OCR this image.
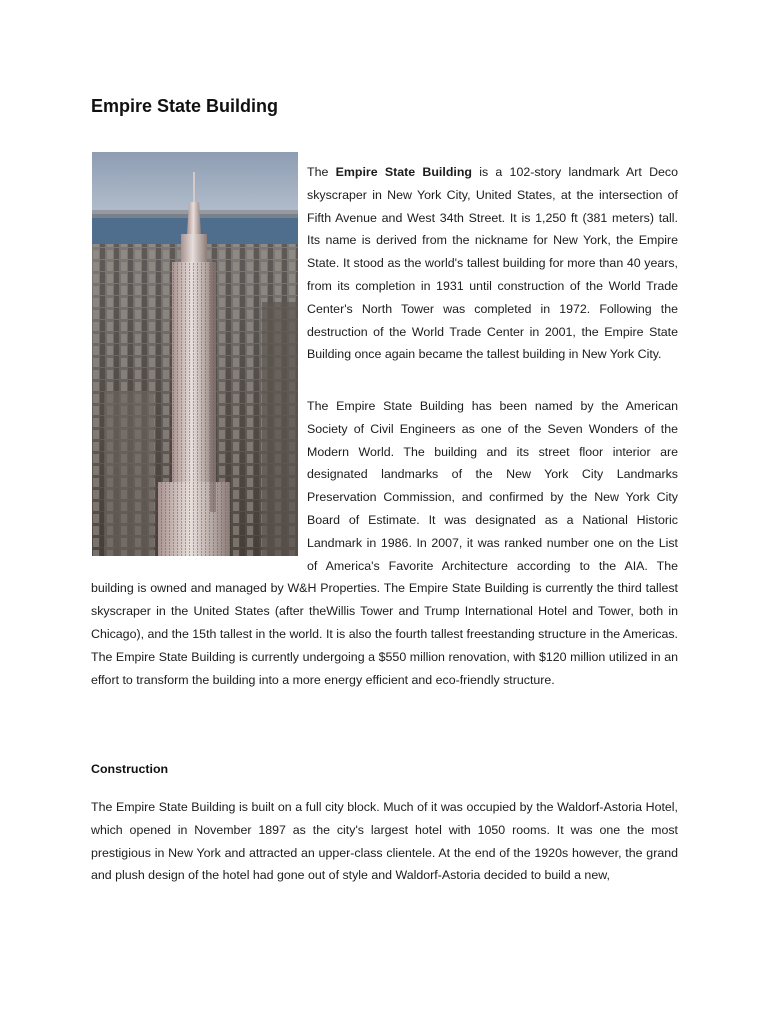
Empire State Building

The Empire State Building is a 102-story landmark Art Deco skyscraper in New York City, United States, at the intersection of Fifth Avenue and West 34th Street. It is 1,250 ft (381 meters) tall. Its name is derived from the nickname for New York, the Empire State. It stood as the world's tallest building for more than 40 years, from its completion in 1931 until construction of the World Trade Center's North Tower was completed in 1972. Following the destruction of the World Trade Center in 2001, the Empire State Building once again became the tallest building in New York City.

The Empire State Building has been named by the American Society of Civil Engineers as one of the Seven Wonders of the Modern World. The building and its street floor interior are designated landmarks of the New York City Landmarks Preservation Commission, and confirmed by the New York City Board of Estimate. It was designated as a National Historic Landmark in 1986. In 2007, it was ranked number one on the List of America's Favorite Architecture according to the AIA. The building is owned and managed by W&H Properties. The Empire State Building is currently the third tallest skyscraper in the United States (after theWillis Tower and Trump International Hotel and Tower, both in Chicago), and the 15th tallest in the world. It is also the fourth tallest freestanding structure in the Americas. The Empire State Building is currently undergoing a $550 million renovation, with $120 million utilized in an effort to transform the building into a more energy efficient and eco-friendly structure.

Construction

The Empire State Building is built on a full city block. Much of it was occupied by the Waldorf-Astoria Hotel, which opened in November 1897 as the city's largest hotel with 1050 rooms. It was one the most prestigious in New York and attracted an upper-class clientele. At the end of the 1920s however, the grand and plush design of the hotel had gone out of style and Waldorf-Astoria decided to build a new,
